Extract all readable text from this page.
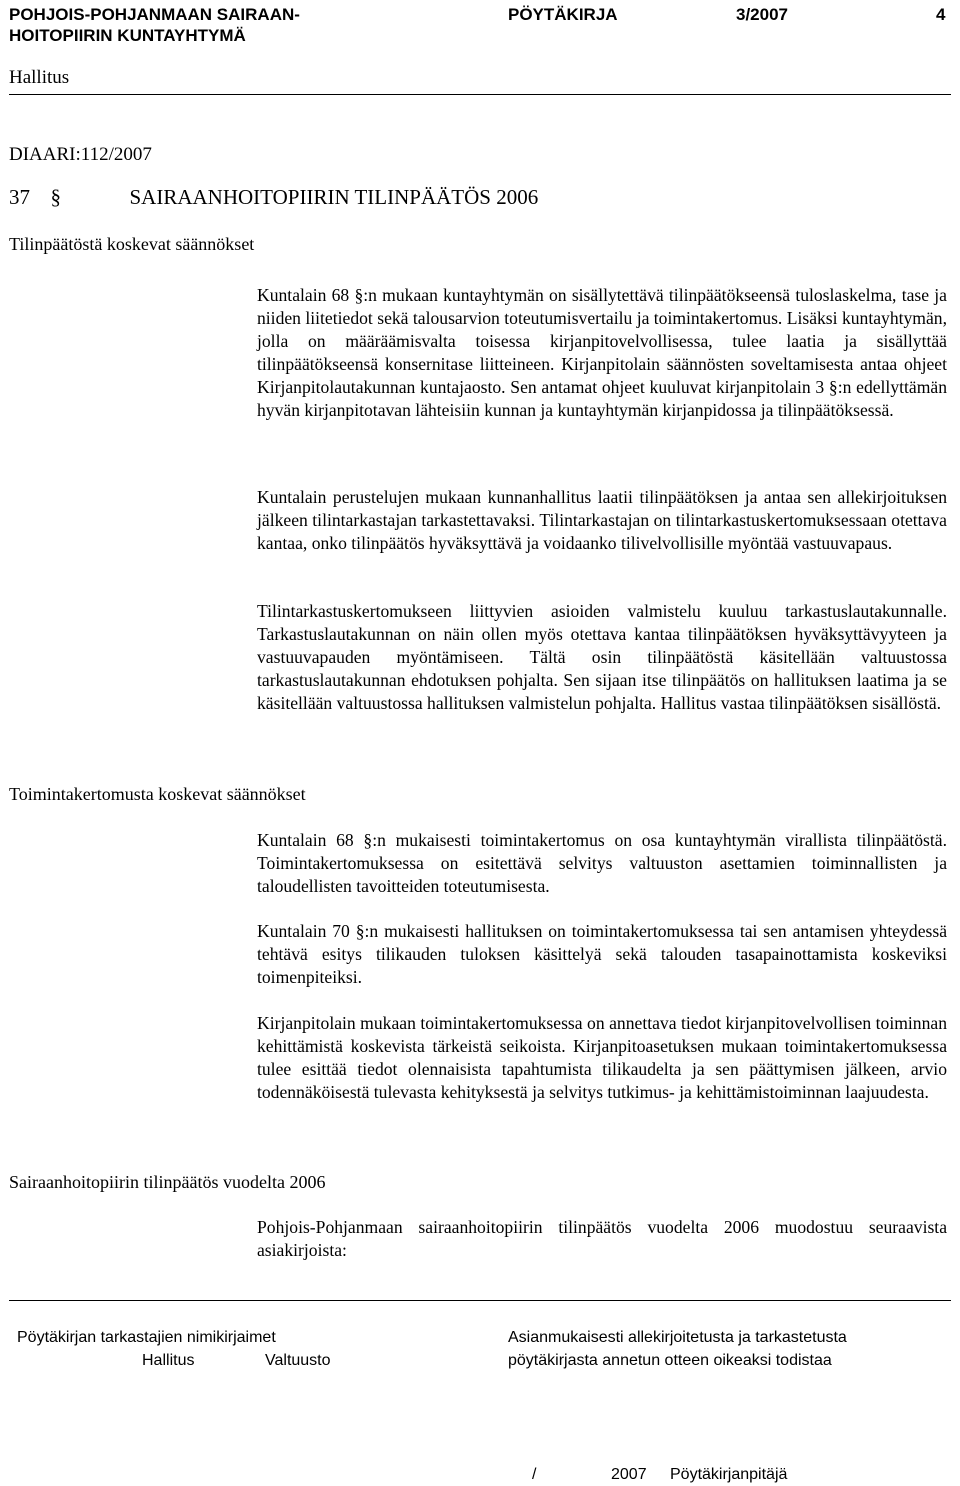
POHJOIS-POHJANMAAN SAIRAAN-
HOITOPIIRIN KUNTAYHTYMÄ
PÖYTÄKIRJA	3/2007	4
Hallitus
DIAARI:112/2007
37 §	SAIRAANHOITOPIIRIN TILINPÄÄTÖS 2006
Tilinpäätöstä koskevat säännökset

Kuntalain 68 §:n mukaan kuntayhtymän on sisällytettävä tilinpäätökseensä tuloslaskelma, tase ja niiden liitetiedot sekä talousarvion toteutumisvertailu ja toimintakertomus. Lisäksi kuntayhtymän, jolla on määräämisvalta toisessa kirjanpitovelvollisessa, tulee laatia ja sisällyttää tilinpäätökseensä konsernitase liitteineen. Kirjanpitolain säännösten soveltamisesta antaa ohjeet Kirjanpitolautakunnan kuntajaosto. Sen antamat ohjeet kuuluvat kirjanpitolain 3 §:n edellyttämän hyvän kirjanpitotavan lähteisiin kunnan ja kuntayhtymän kirjanpidossa ja tilinpäätöksessä.

Kuntalain perustelujen mukaan kunnanhallitus laatii tilinpäätöksen ja antaa sen allekirjoituksen jälkeen tilintarkastajan tarkastettavaksi. Tilintarkastajan on tilintarkastuskertomuksessaan otettava kantaa, onko tilinpäätös hyväksyttävä ja voidaanko tilivelvollisille myöntää vastuuvapaus.

Tilintarkastuskertomukseen liittyvien asioiden valmistelu kuuluu tarkastuslautakunnalle. Tarkastuslautakunnan on näin ollen myös otettava kantaa tilinpäätöksen hyväksyttävyyteen ja vastuuvapauden myöntämiseen. Tältä osin tilinpäätöstä käsitellään valtuustossa tarkastuslautakunnan ehdotuksen pohjalta. Sen sijaan itse tilinpäätös on hallituksen laatima ja se käsitellään valtuustossa hallituksen valmistelun pohjalta. Hallitus vastaa tilinpäätöksen sisällöstä.

Toimintakertomusta koskevat säännökset

Kuntalain 68 §:n mukaisesti toimintakertomus on osa kuntayhtymän virallista tilinpäätöstä. Toimintakertomuksessa on esitettävä selvitys valtuuston asettamien toiminnallisten ja taloudellisten tavoitteiden toteutumisesta.

Kuntalain 70 §:n mukaisesti hallituksen on toimintakertomuksessa tai sen antamisen yhteydessä tehtävä esitys tilikauden tuloksen käsittelyä sekä talouden tasapainottamista koskeviksi toimenpiteiksi.

Kirjanpitolain mukaan toimintakertomuksessa on annettava tiedot kirjanpitovelvollisen toiminnan kehittämistä koskevista tärkeistä seikoista. Kirjanpitoasetuksen mukaan toimintakertomuksessa tulee esittää tiedot olennaisista tapahtumista tilikaudelta ja sen päättymisen jälkeen, arvio todennäköisestä tulevasta kehityksestä ja selvitys tutkimus- ja kehittämistoiminnan laajuudesta.

Sairaanhoitopiirin tilinpäätös vuodelta 2006

Pohjois-Pohjanmaan sairaanhoitopiirin tilinpäätös vuodelta 2006 muodostuu seuraavista asiakirjoista:

Pöytäkirjan tarkastajien nimikirjaimet
Hallitus	Valtuusto
Asianmukaisesti allekirjoitetusta ja tarkastetusta
pöytäkirjasta annetun otteen oikeaksi todistaa
/	2007 Pöytäkirjanpitäjä
